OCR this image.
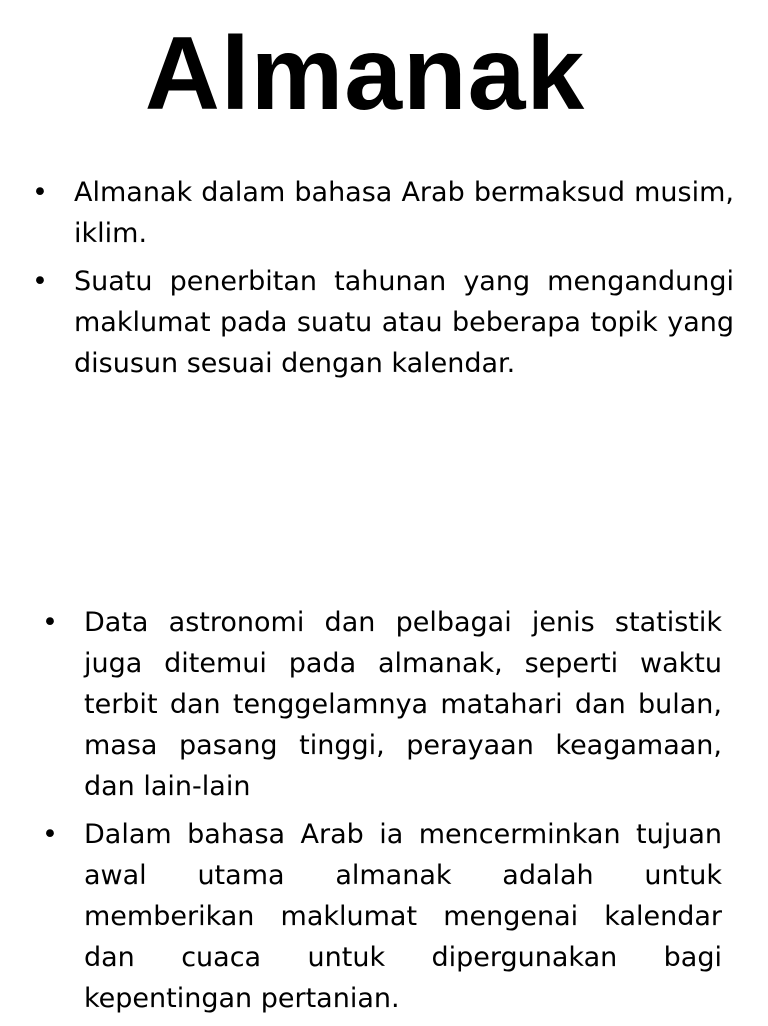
Almanak
• Almanak dalam bahasa Arab bermaksud musim, iklim.
• Suatu penerbitan tahunan yang mengandungi maklumat pada suatu atau beberapa topik yang disusun sesuai dengan kalendar.
• Data astronomi dan pelbagai jenis statistik juga ditemui pada almanak, seperti waktu terbit dan tenggelamnya matahari dan bulan, masa pasang tinggi, perayaan keagamaan, dan lain-lain
• Dalam bahasa Arab ia mencerminkan tujuan awal utama almanak adalah untuk memberikan maklumat mengenai kalendar dan cuaca untuk dipergunakan bagi kepentingan pertanian.
